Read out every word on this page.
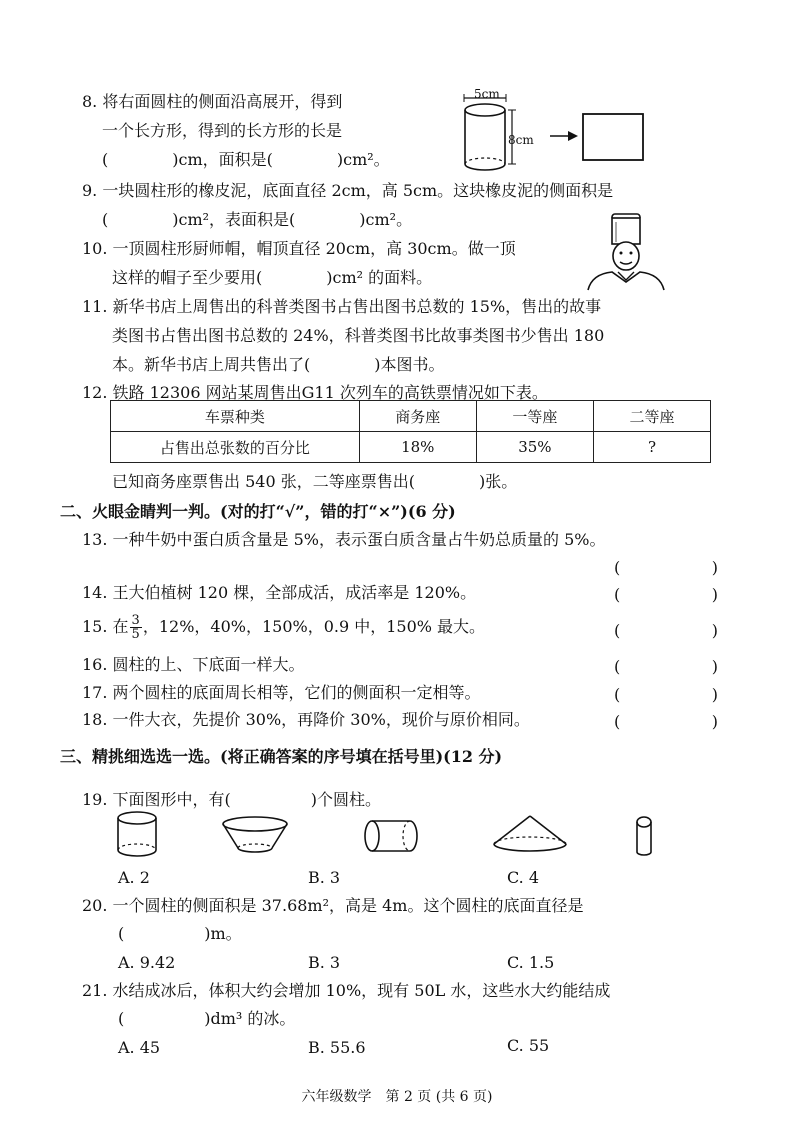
8. 将右面圆柱的侧面沿高展开，得到
一个长方形，得到的长方形的长是
(　　　　)cm，面积是(　　　　)cm²。
5cm
8cm
9. 一块圆柱形的橡皮泥，底面直径 2cm，高 5cm。这块橡皮泥的侧面积是
(　　　　)cm²，表面积是(　　　　)cm²。
10. 一顶圆柱形厨师帽，帽顶直径 20cm，高 30cm。做一顶
这样的帽子至少要用(　　　　)cm² 的面料。
11. 新华书店上周售出的科普类图书占售出图书总数的 15%，售出的故事
类图书占售出图书总数的 24%，科普类图书比故事类图书少售出 180
本。新华书店上周共售出了(　　　　)本图书。
12. 铁路 12306 网站某周售出G11 次列车的高铁票情况如下表。
车票种类	商务座	一等座	二等座
占售出总张数的百分比	18%	35%	?
已知商务座票售出 540 张，二等座票售出(　　　　)张。
二、火眼金睛判一判。(对的打“√”，错的打“×”)(6 分)
13. 一种牛奶中蛋白质含量是 5%，表示蛋白质含量占牛奶总质量的 5%。
(	)
14. 王大伯植树 120 棵，全部成活，成活率是 120%。	(	)
15. 在 $\frac{3}{5}$ ，12%，40%，150%，0.9 中，150% 最大。	(	)
16. 圆柱的上、下底面一样大。	(	)
17. 两个圆柱的底面周长相等，它们的侧面积一定相等。	(	)
18. 一件大衣，先提价 30%，再降价 30%，现价与原价相同。	(	)
三、精挑细选选一选。(将正确答案的序号填在括号里)(12 分)
19. 下面图形中，有(　　　　　)个圆柱。
A. 2	B. 3	C. 4
20. 一个圆柱的侧面积是 37.68m²，高是 4m。这个圆柱的底面直径是
(　　　　　)m。
A. 9.42	B. 3	C. 1.5
21. 水结成冰后，体积大约会增加 10%，现有 50L 水，这些水大约能结成
(　　　　　)dm³ 的冰。
A. 45	B. 55.6	C. 55
六年级数学　第 2 页 (共 6 页)
